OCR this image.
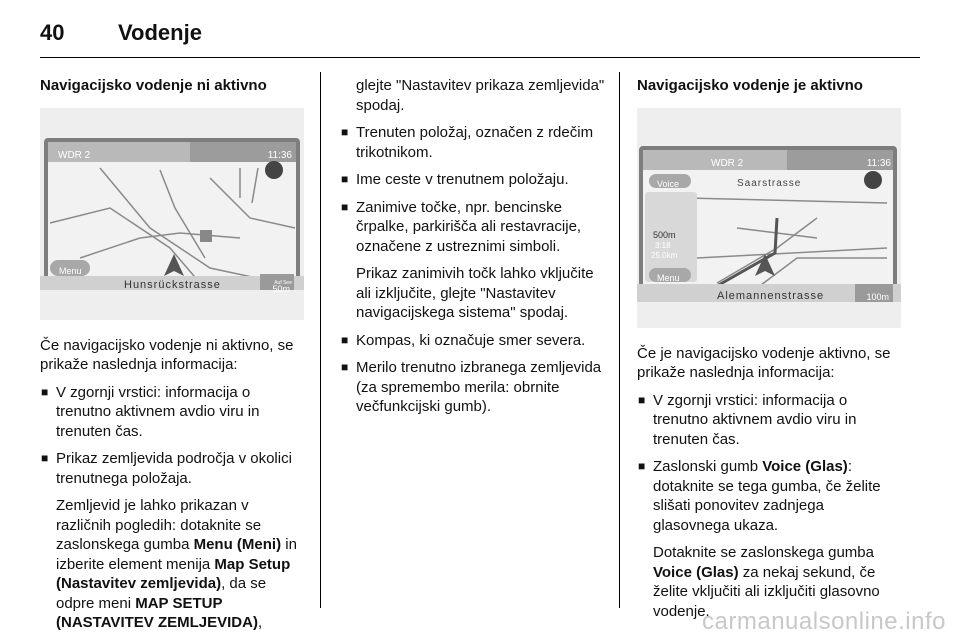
40	Vodenje
Navigacijsko vodenje ni aktivno
WDR 2	11:36
Menu
Hunsrückstrasse	Auf See
50m
Če navigacijsko vodenje ni aktivno, se prikaže naslednja informacija:
■ V zgornji vrstici: informacija o trenutno aktivnem avdio viru in trenuten čas.
■ Prikaz zemljevida področja v okolici trenutnega položaja.
Zemljevid je lahko prikazan v različnih pogledih: dotaknite se zaslonskega gumba Menu (Meni) in izberite element menija Map Setup (Nastavitev zemljevida), da se odpre meni MAP SETUP (NASTAVITEV ZEMLJEVIDA),
glejte "Nastavitev prikaza zemljevida" spodaj.
■ Trenuten položaj, označen z rdečim trikotnikom.
■ Ime ceste v trenutnem položaju.
■ Zanimive točke, npr. bencinske črpalke, parkirišča ali restavracije, označene z ustreznimi simboli.
Prikaz zanimivih točk lahko vključite ali izključite, glejte "Nastavitev navigacijskega sistema" spodaj.
■ Kompas, ki označuje smer severa.
■ Merilo trenutno izbranega zemljevida (za spremembo merila: obrnite večfunkcijski gumb).
Navigacijsko vodenje je aktivno
WDR 2	11:36
Voice	Saarstrasse
500m
3:18
25.0km
Menu
Alemannenstrasse	100m
Če je navigacijsko vodenje aktivno, se prikaže naslednja informacija:
■ V zgornji vrstici: informacija o trenutno aktivnem avdio viru in trenuten čas.
■ Zaslonski gumb Voice (Glas): dotaknite se tega gumba, če želite slišati ponovitev zadnjega glasovnega ukaza.
Dotaknite se zaslonskega gumba Voice (Glas) za nekaj sekund, če želite vključiti ali izključiti glasovno vodenje.
carmanualsonline.info
